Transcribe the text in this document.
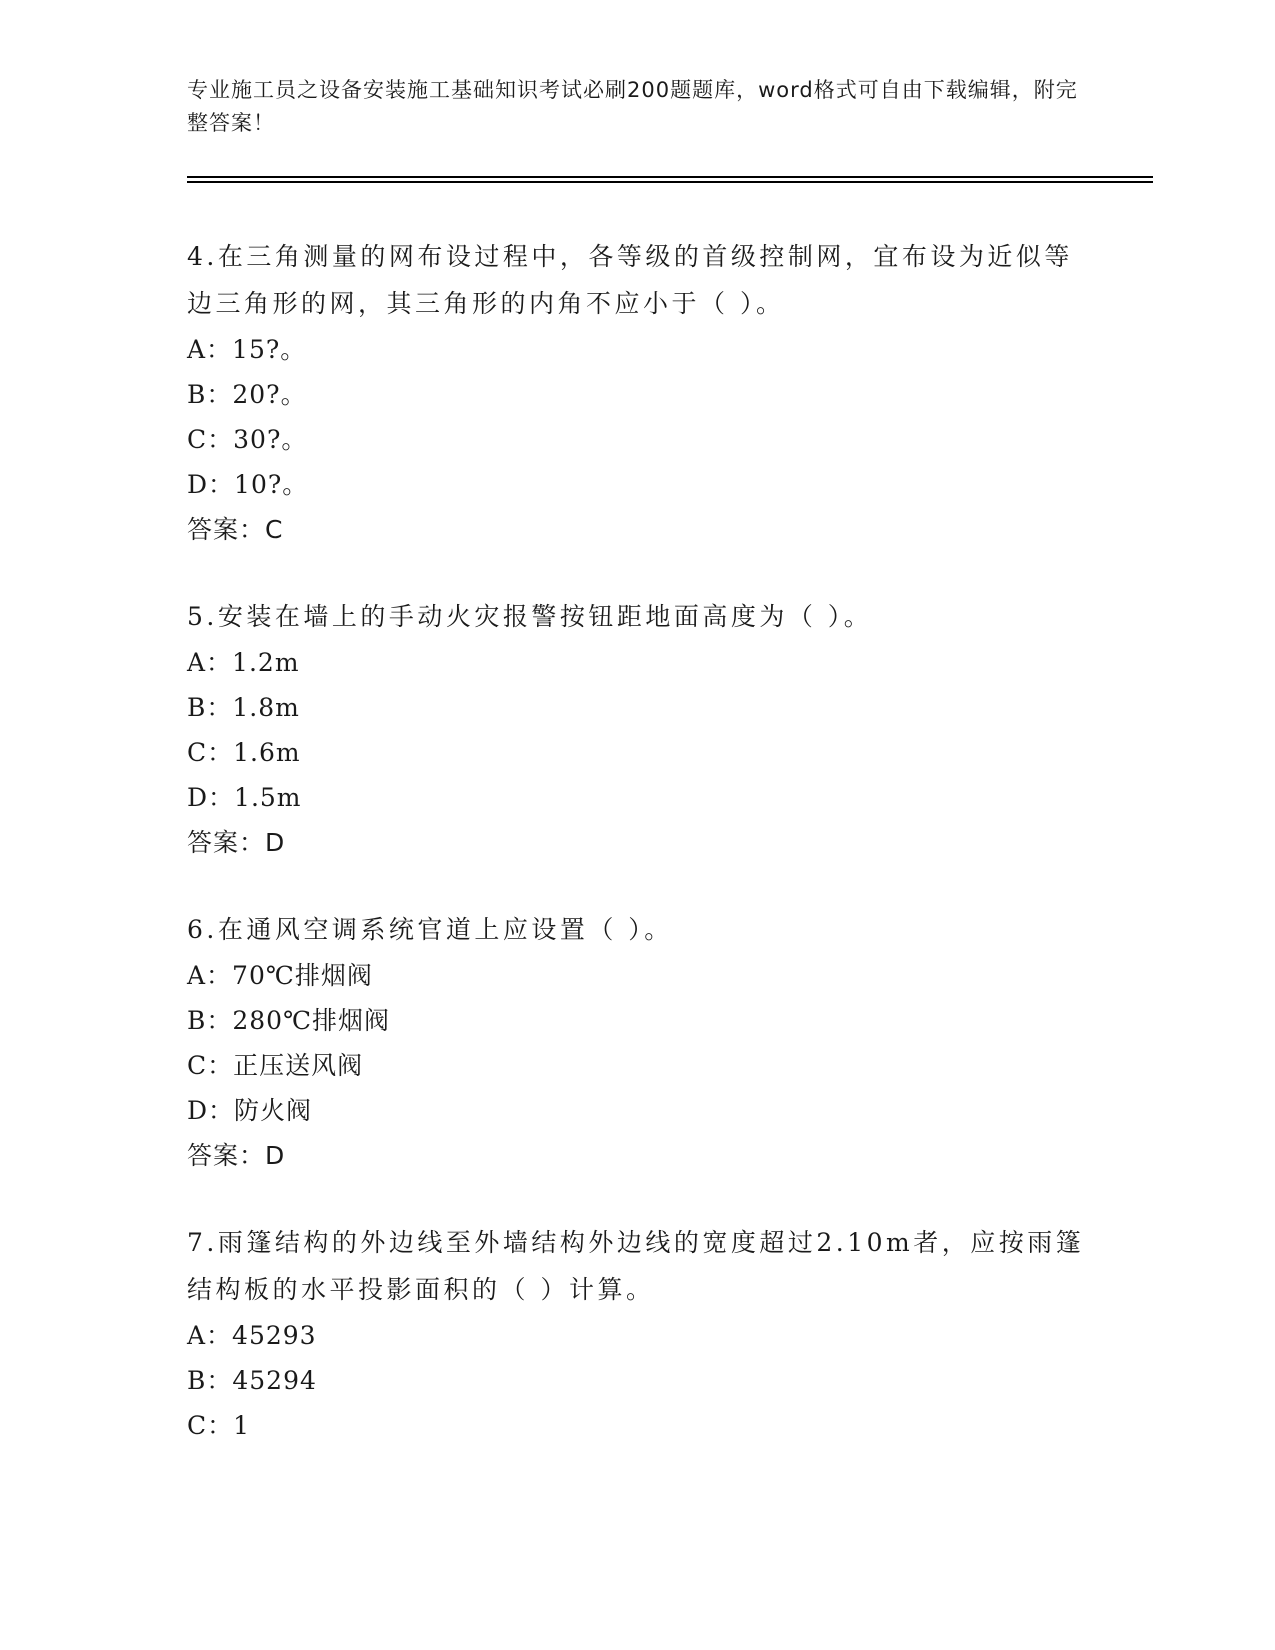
专业施工员之设备安装施工基础知识考试必刷200题题库，word格式可自由下载编辑，附完整答案！

4.在三角测量的网布设过程中，各等级的首级控制网，宜布设为近似等边三角形的网，其三角形的内角不应小于（ ）。

A：15?。

B：20?。

C：30?。

D：10?。

答案：C

5.安装在墙上的手动火灾报警按钮距地面高度为（ ）。

A：1.2m

B：1.8m

C：1.6m

D：1.5m

答案：D

6.在通风空调系统官道上应设置（ ）。

A：70℃排烟阀

B：280℃排烟阀

C：正压送风阀

D：防火阀

答案：D

7.雨篷结构的外边线至外墙结构外边线的宽度超过2.10m者，应按雨篷结构板的水平投影面积的（ ）计算。

A：45293

B：45294

C：1
